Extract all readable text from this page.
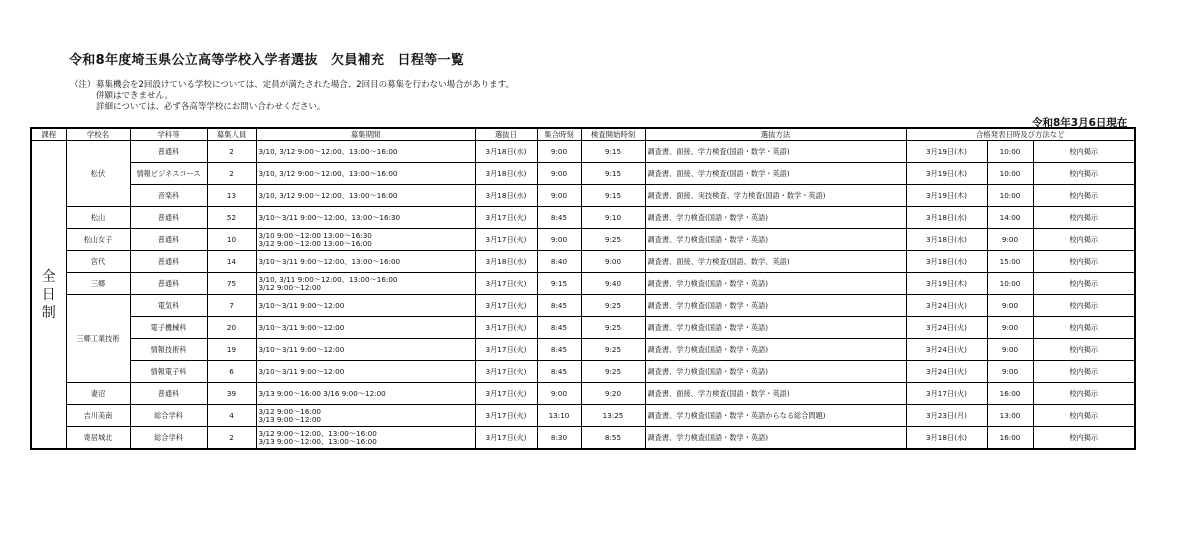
令和8年度埼玉県公立高等学校入学者選抜　欠員補充　日程等一覧
（注） 募集機会を2回設けている学校については、定員が満たされた場合、2回目の募集を行わない場合があります。
併願はできません。
詳細については、必ず各高等学校にお問い合わせください。
令和8年3月6日現在
課程	学校名	学科等	募集人員	募集期間	選抜日	集合時刻	検査開始時刻	選抜方法	合格発表日時及び方法など		

全
日
制	松伏	普通科	2	3/10, 3/12 9:00～12:00、13:00～16:00	3月18日(水)	9:00	9:15	調査書、面接、学力検査(国語・数学・英語)	3月19日(木)	10:00	校内掲示
		情報ビジネスコース	2	3/10, 3/12 9:00～12:00、13:00～16:00	3月18日(水)	9:00	9:15	調査書、面接、学力検査(国語・数学・英語)	3月19日(木)	10:00	校内掲示
		音楽科	13	3/10, 3/12 9:00～12:00、13:00～16:00	3月18日(水)	9:00	9:15	調査書、面接、実技検査、学力検査(国語・数学・英語)	3月19日(木)	10:00	校内掲示
	松山	普通科	52	3/10～3/11 9:00～12:00、13:00～16:30	3月17日(火)	8:45	9:10	調査書、学力検査(国語・数学・英語)	3月18日(水)	14:00	校内掲示
	松山女子	普通科	10	3/10 9:00～12:00 13:00～16:30
3/12 9:00～12:00 13:00～16:00	3月17日(火)	9:00	9:25	調査書、学力検査(国語・数学・英語)	3月18日(水)	9:00	校内掲示
	宮代	普通科	14	3/10～3/11 9:00～12:00、13:00～16:00	3月18日(水)	8:40	9:00	調査書、面接、学力検査(国語、数学、英語)	3月18日(水)	15:00	校内掲示
	三郷	普通科	75	3/10, 3/11 9:00～12:00、13:00～16:00
3/12 9:00～12:00	3月17日(火)	9:15	9:40	調査書、学力検査(国語・数学・英語)	3月19日(木)	10:00	校内掲示
	三郷工業技術	電気科	7	3/10～3/11 9:00～12:00	3月17日(火)	8:45	9:25	調査書、学力検査(国語・数学・英語)	3月24日(火)	9:00	校内掲示
		電子機械科	20	3/10～3/11 9:00～12:00	3月17日(火)	8:45	9:25	調査書、学力検査(国語・数学・英語)	3月24日(火)	9:00	校内掲示
		情報技術科	19	3/10～3/11 9:00～12:00	3月17日(火)	8:45	9:25	調査書、学力検査(国語・数学・英語)	3月24日(火)	9:00	校内掲示
		情報電子科	6	3/10～3/11 9:00～12:00	3月17日(火)	8:45	9:25	調査書、学力検査(国語・数学・英語)	3月24日(火)	9:00	校内掲示
	妻沼	普通科	39	3/13 9:00～16:00 3/16 9:00～12:00	3月17日(火)	9:00	9:20	調査書、面接、学力検査(国語・数学・英語)	3月17日(火)	16:00	校内掲示
	吉川美南	総合学科	4	3/12 9:00～16:00
3/13 9:00～12:00	3月17日(火)	13:10	13:25	調査書、学力検査(国語・数学・英語からなる総合問題)	3月23日(月)	13:00	校内掲示
	寄居城北	総合学科	2	3/12 9:00～12:00、13:00～16:00
3/13 9:00～12:00、13:00～16:00	3月17日(火)	8:30	8:55	調査書、学力検査(国語・数学・英語)	3月18日(水)	16:00	校内掲示
